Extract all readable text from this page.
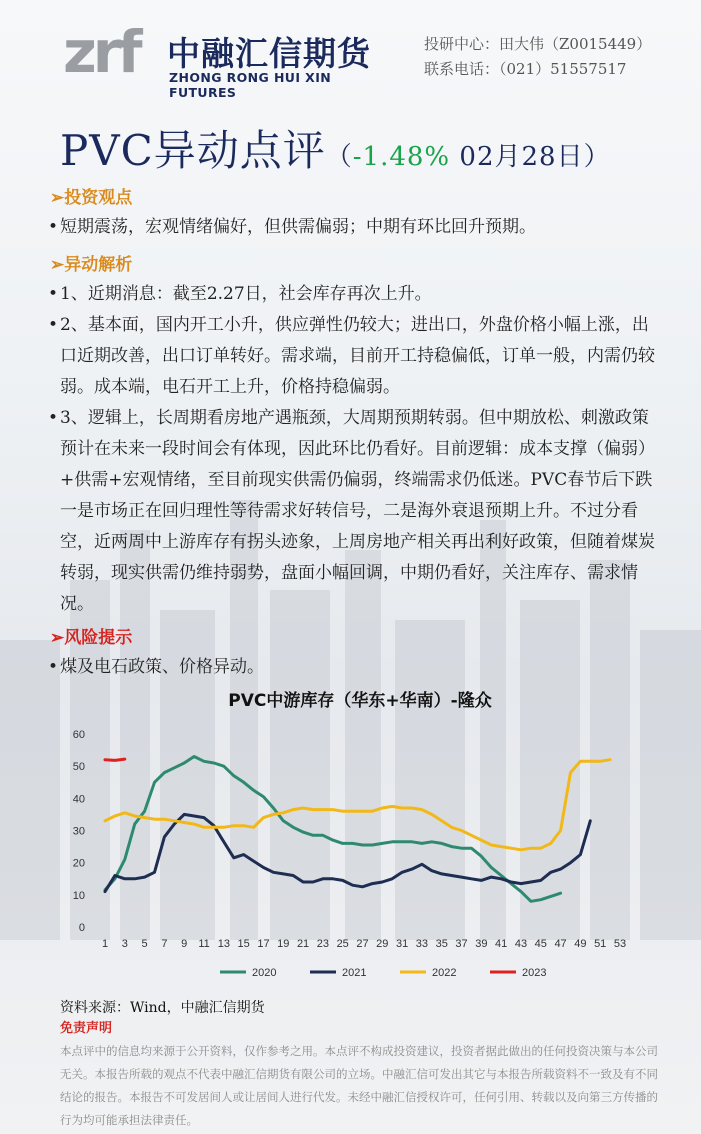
zrf 中融汇信期货
ZHONG RONG HUI XIN FUTURES
投研中心：田大伟（Z0015449）
联系电话：（021）51557517
PVC异动点评（-1.48% 02月28日）
➢投资观点
• 短期震荡，宏观情绪偏好，但供需偏弱；中期有环比回升预期。
➢异动解析
• 1、近期消息：截至2.27日，社会库存再次上升。
• 2、基本面，国内开工小升，供应弹性仍较大；进出口，外盘价格小幅上涨，出口近期改善，出口订单转好。需求端，目前开工持稳偏低，订单一般，内需仍较弱。成本端，电石开工上升，价格持稳偏弱。
• 3、逻辑上，长周期看房地产遇瓶颈，大周期预期转弱。但中期放松、刺激政策预计在未来一段时间会有体现，因此环比仍看好。目前逻辑：成本支撑（偏弱）+供需+宏观情绪，至目前现实供需仍偏弱，终端需求仍低迷。PVC春节后下跌一是市场正在回归理性等待需求好转信号，二是海外衰退预期上升。不过分看空，近两周中上游库存有拐头迹象，上周房地产相关再出利好政策，但随着煤炭转弱，现实供需仍维持弱势，盘面小幅回调，中期仍看好，关注库存、需求情况。
➢风险提示
• 煤及电石政策、价格异动。
0
10
20
30
40
50
60
1 3 5 7 9 11 13 15 17 19 21 23 25 27 29 31 33 35 37 39 41 43 45 47 49 51 53
2020	2021	2022	2023
PVC中游库存（华东+华南）-隆众
资料来源：Wind，中融汇信期货
免责声明
本点评中的信息均来源于公开资料，仅作参考之用。本点评不构成投资建议，投资者据此做出的任何投资决策与本公司无关。本报告所载的观点不代表中融汇信期货有限公司的立场。中融汇信可发出其它与本报告所载资料不一致及有不同结论的报告。本报告不可发居间人或让居间人进行代发。未经中融汇信授权许可，任何引用、转载以及向第三方传播的行为均可能承担法律责任。
